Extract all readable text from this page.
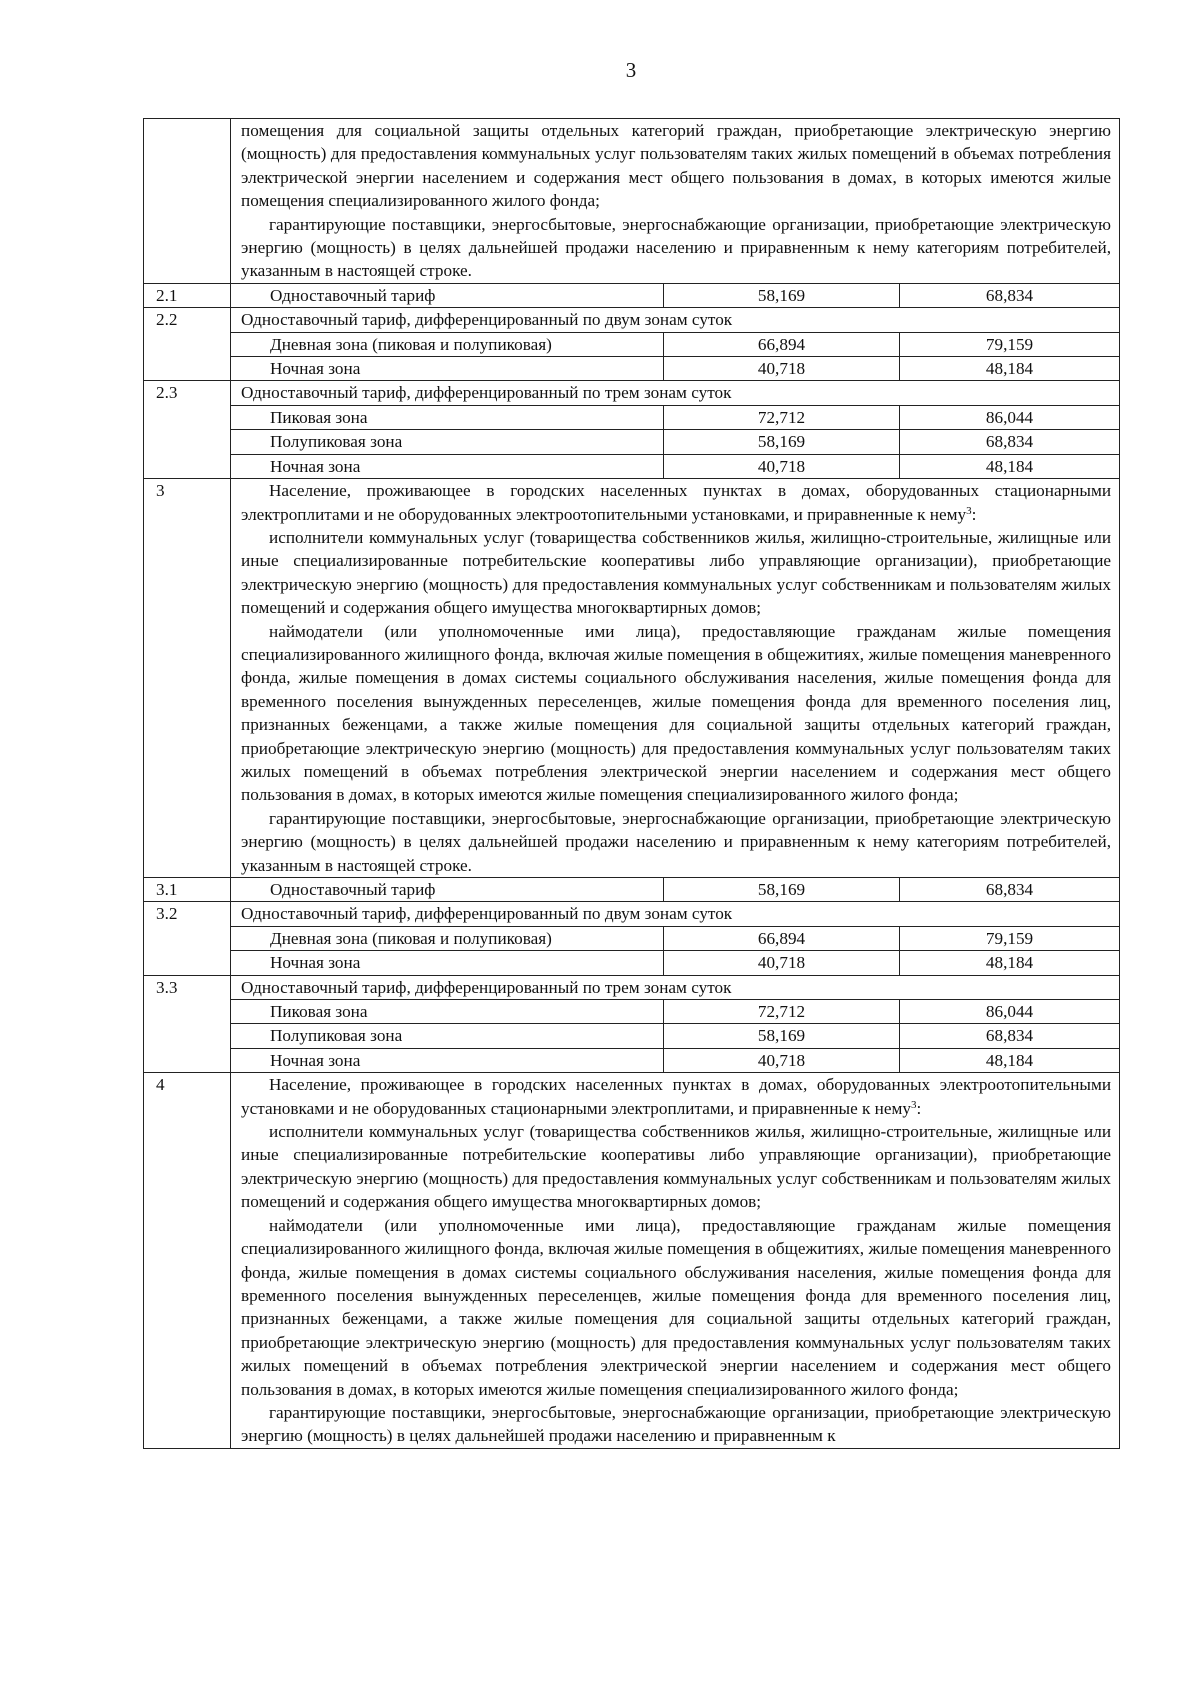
3

	помещения для социальной защиты отдельных категорий граждан, приобретающие электрическую энергию (мощность) для предоставления коммунальных услуг пользователям таких жилых помещений в объемах потребления электрической энергии населением и содержания мест общего пользования в домах, в которых имеются жилые помещения специализированного жилого фонда;

гарантирующие поставщики, энергосбытовые, энергоснабжающие организации, приобретающие электрическую энергию (мощность) в целях дальнейшей продажи населению и приравненным к нему категориям потребителей, указанным в настоящей строке.		

2.1	Одноставочный тариф	58,169	68,834
2.2	Одноставочный тариф, дифференцированный по двум зонам суток		
	Дневная зона (пиковая и полупиковая)	66,894	79,159
	Ночная зона	40,718	48,184
2.3	Одноставочный тариф, дифференцированный по трем зонам суток		
	Пиковая зона	72,712	86,044
	Полупиковая зона	58,169	68,834
	Ночная зона	40,718	48,184
3	Население, проживающее в городских населенных пунктах в домах, оборудованных стационарными электроплитами и не оборудованных электроотопительными установками, и приравненные к нему$^3$:

исполнители коммунальных услуг (товарищества собственников жилья, жилищно-строительные, жилищные или иные специализированные потребительские кооперативы либо управляющие организации), приобретающие электрическую энергию (мощность) для предоставления коммунальных услуг собственникам и пользователям жилых помещений и содержания общего имущества многоквартирных домов;

наймодатели (или уполномоченные ими лица), предоставляющие гражданам жилые помещения специализированного жилищного фонда, включая жилые помещения в общежитиях, жилые помещения маневренного фонда, жилые помещения в домах системы социального обслуживания населения, жилые помещения фонда для временного поселения вынужденных переселенцев, жилые помещения фонда для временного поселения лиц, признанных беженцами, а также жилые помещения для социальной защиты отдельных категорий граждан, приобретающие электрическую энергию (мощность) для предоставления коммунальных услуг пользователям таких жилых помещений в объемах потребления электрической энергии населением и содержания мест общего пользования в домах, в которых имеются жилые помещения специализированного жилого фонда;

гарантирующие поставщики, энергосбытовые, энергоснабжающие организации, приобретающие электрическую энергию (мощность) в целях дальнейшей продажи населению и приравненным к нему категориям потребителей, указанным в настоящей строке.		

3.1	Одноставочный тариф	58,169	68,834
3.2	Одноставочный тариф, дифференцированный по двум зонам суток		
	Дневная зона (пиковая и полупиковая)	66,894	79,159
	Ночная зона	40,718	48,184
3.3	Одноставочный тариф, дифференцированный по трем зонам суток		
	Пиковая зона	72,712	86,044
	Полупиковая зона	58,169	68,834
	Ночная зона	40,718	48,184
4	Население, проживающее в городских населенных пунктах в домах, оборудованных электроотопительными установками и не оборудованных стационарными электроплитами, и приравненные к нему$^3$:

исполнители коммунальных услуг (товарищества собственников жилья, жилищно-строительные, жилищные или иные специализированные потребительские кооперативы либо управляющие организации), приобретающие электрическую энергию (мощность) для предоставления коммунальных услуг собственникам и пользователям жилых помещений и содержания общего имущества многоквартирных домов;

наймодатели (или уполномоченные ими лица), предоставляющие гражданам жилые помещения специализированного жилищного фонда, включая жилые помещения в общежитиях, жилые помещения маневренного фонда, жилые помещения в домах системы социального обслуживания населения, жилые помещения фонда для временного поселения вынужденных переселенцев, жилые помещения фонда для временного поселения лиц, признанных беженцами, а также жилые помещения для социальной защиты отдельных категорий граждан, приобретающие электрическую энергию (мощность) для предоставления коммунальных услуг пользователям таких жилых помещений в объемах потребления электрической энергии населением и содержания мест общего пользования в домах, в которых имеются жилые помещения специализированного жилого фонда;

гарантирующие поставщики, энергосбытовые, энергоснабжающие организации, приобретающие электрическую энергию (мощность) в целях дальнейшей продажи населению и приравненным к		
